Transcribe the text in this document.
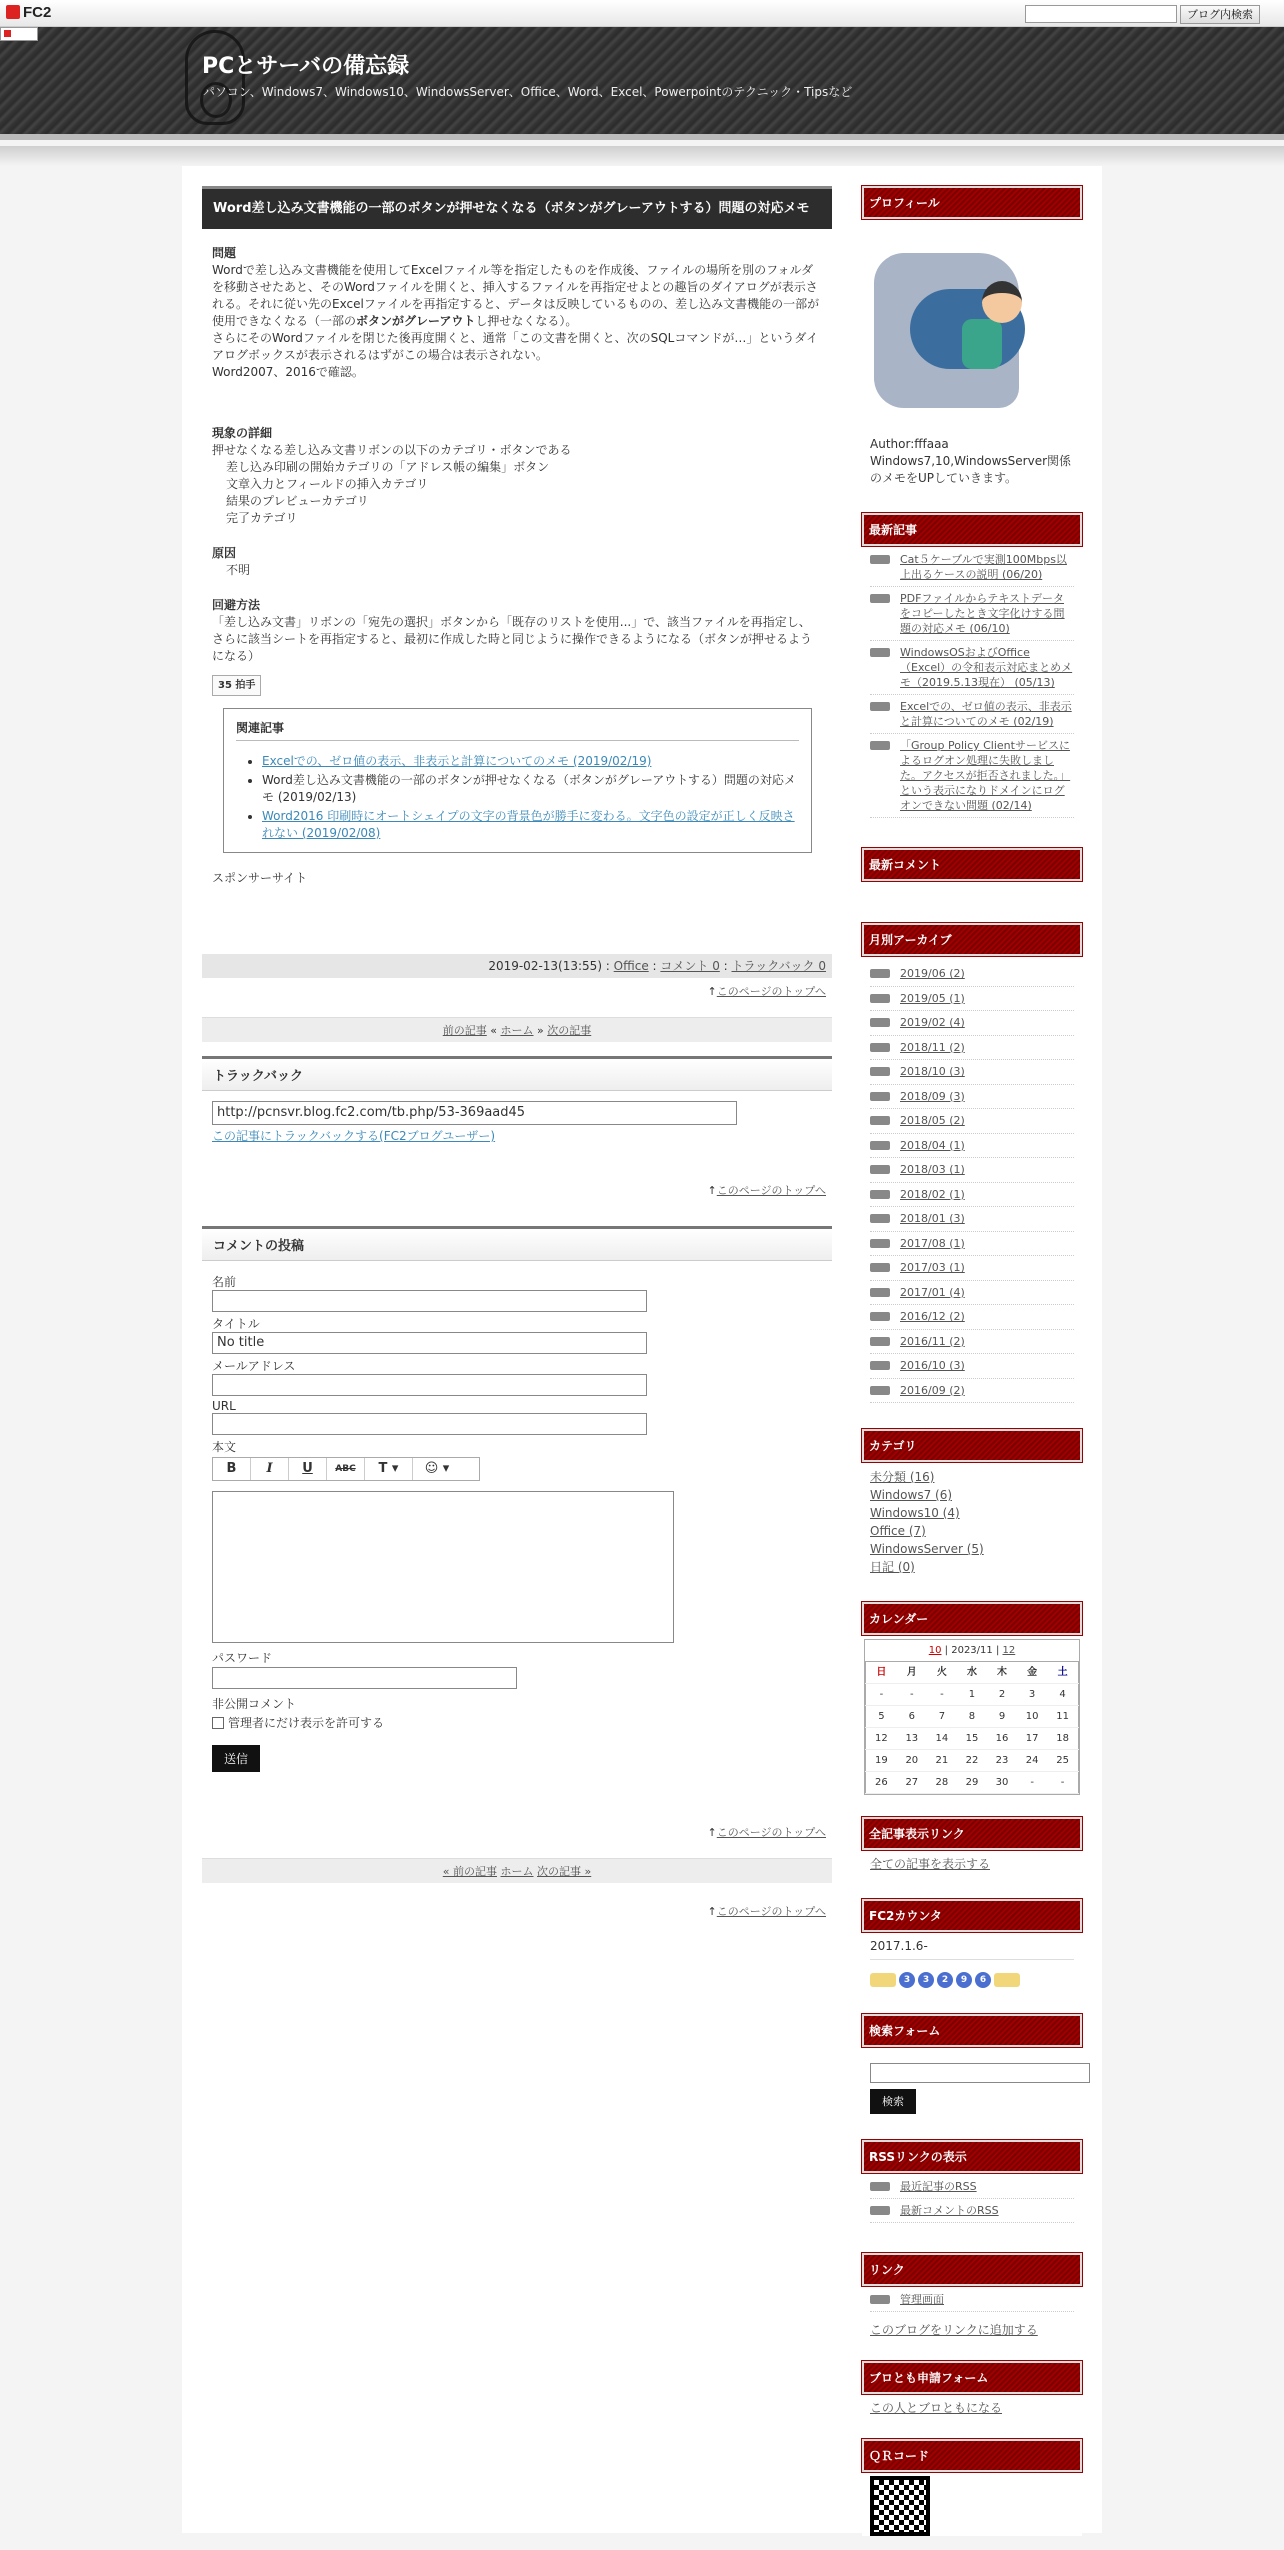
FC2	ブログ内検索
PCとサーバの備忘録
パソコン、Windows7、Windows10、WindowsServer、Office、Word、Excel、Powerpointのテクニック・Tipsなど
Word差し込み文書機能の一部のボタンが押せなくなる（ボタンがグレーアウトする）問題の対応メモ
問題

Wordで差し込み文書機能を使用してExcelファイル等を指定したものを作成後、ファイルの場所を別のフォルダを移動させたあと、そのWordファイルを開くと、挿入するファイルを再指定せよとの趣旨のダイアログが表示される。それに従い先のExcelファイルを再指定すると、データは反映しているものの、差し込み文書機能の一部が使用できなくなる（一部のボタンがグレーアウトし押せなくなる）。

さらにそのWordファイルを閉じた後再度開くと、通常「この文書を開くと、次のSQLコマンドが…」というダイアログボックスが表示されるはずがこの場合は表示されない。

Word2007、2016で確認。

現象の詳細

押せなくなる差し込み文書リボンの以下のカテゴリ・ボタンである

差し込み印刷の開始カテゴリの「アドレス帳の編集」ボタン

文章入力とフィールドの挿入カテゴリ

結果のプレビューカテゴリ

完了カテゴリ

原因

不明

回避方法

「差し込み文書」リボンの「宛先の選択」ボタンから「既存のリストを使用...」で、該当ファイルを再指定し、さらに該当シートを再指定すると、最初に作成した時と同じように操作できるようになる（ボタンが押せるようになる）

35 拍手
関連記事
• Excelでの、ゼロ値の表示、非表示と計算についてのメモ (2019/02/19)
• Word差し込み文書機能の一部のボタンが押せなくなる（ボタンがグレーアウトする）問題の対応メモ (2019/02/13)
• Word2016 印刷時にオートシェイプの文字の背景色が勝手に変わる。文字色の設定が正しく反映されない (2019/02/08)
スポンサーサイト
2019-02-13(13:55) : Office : コメント 0 : トラックバック 0
↑このページのトップへ
前の記事 « ホーム » 次の記事
トラックバック
http://pcnsvr.blog.fc2.com/tb.php/53-369aad45
この記事にトラックバックする(FC2ブログユーザー)
↑このページのトップへ
コメントの投稿
名前
タイトル
No title
メールアドレス
URL
本文
B	I	U	ABC	T ▾	☺ ▾
パスワード
非公開コメント
管理者にだけ表示を許可する
送信
↑このページのトップへ
« 前の記事 ホーム 次の記事 »
↑このページのトップへ
プロフィール
Author:fffaaa
Windows7,10,WindowsServer関係のメモをUPしていきます。
最新記事
Cat５ケーブルで実測100Mbps以上出るケースの説明 (06/20)
PDFファイルからテキストデータをコピーしたとき文字化けする問題の対応メモ (06/10)
WindowsOSおよびOffice（Excel）の令和表示対応まとめメモ（2019.5.13現在） (05/13)
Excelでの、ゼロ値の表示、非表示と計算についてのメモ (02/19)
「Group Policy Clientサービスによるログオン処理に失敗しました。アクセスが拒否されました。」という表示になりドメインにログオンできない問題 (02/14)
最新コメント
月別アーカイブ
2019/06 (2)
2019/05 (1)
2019/02 (4)
2018/11 (2)
2018/10 (3)
2018/09 (3)
2018/05 (2)
2018/04 (1)
2018/03 (1)
2018/02 (1)
2018/01 (3)
2017/08 (1)
2017/03 (1)
2017/01 (4)
2016/12 (2)
2016/11 (2)
2016/10 (3)
2016/09 (2)
カテゴリ
未分類 (16)
Windows7 (6)
Windows10 (4)
Office (7)
WindowsServer (5)
日記 (0)
カレンダー
10 | 2023/11 | 12
日	月	火	水	木	金	土
-	-	-	1	2	3	4
5	6	7	8	9	10	11
12	13	14	15	16	17	18
19	20	21	22	23	24	25
26	27	28	29	30	-	-
全記事表示リンク
全ての記事を表示する
FC2カウンタ
2017.1.6-
3	3	2	9	6
検索フォーム
検索
RSSリンクの表示
最近記事のRSS
最新コメントのRSS
リンク
管理画面
このブログをリンクに追加する
ブロとも申請フォーム
この人とブロともになる
ＱＲコード
